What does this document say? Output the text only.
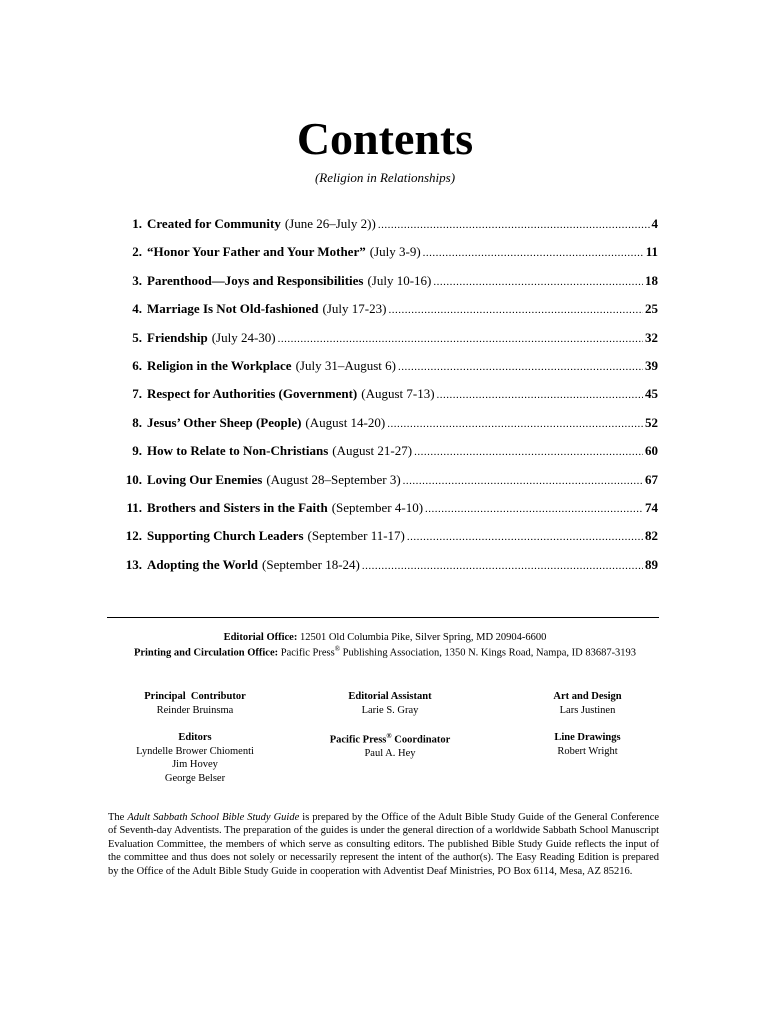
Contents
(Religion in Relationships)
1. Created for Community (June 26–July 2)) .....	4
2. “Honor Your Father and Your Mother” (July 3-9) .....	11
3. Parenthood—Joys and Responsibilities (July 10-16) .....	18
4. Marriage Is Not Old-fashioned (July 17-23) .....	25
5. Friendship (July 24-30) .....	32
6. Religion in the Workplace (July 31–August 6) .....	39
7. Respect for Authorities (Government) (August 7-13) .....	45
8. Jesus’ Other Sheep (People) (August 14-20) .....	52
9. How to Relate to Non-Christians (August 21-27) .....	60
10. Loving Our Enemies (August 28–September 3) .....	67
11. Brothers and Sisters in the Faith (September 4-10) .....	74
12. Supporting Church Leaders (September 11-17) .....	82
13. Adopting the World (September 18-24) .....	89
Editorial Office: 12501 Old Columbia Pike, Silver Spring, MD 20904-6600
Printing and Circulation Office: Pacific Press® Publishing Association, 1350 N. Kings Road, Nampa, ID 83687-3193
Principal  Contributor
Reinder Bruinsma
Editorial Assistant
Larie S. Gray
Art and Design
Lars Justinen
Editors
Lyndelle Brower Chiomenti
Jim Hovey
George Belser
Pacific Press® Coordinator
Paul A. Hey
Line Drawings
Robert Wright
The Adult Sabbath School Bible Study Guide is prepared by the Office of the Adult Bible Study Guide of the General Conference of Seventh-day Adventists. The preparation of the guides is under the general direction of a worldwide Sabbath School Manuscript Evaluation Committee, the members of which serve as consulting editors. The published Bible Study Guide reflects the input of the committee and thus does not solely or necessarily represent the intent of the author(s). The Easy Reading Edition is prepared by the Office of the Adult Bible Study Guide in cooperation with Adventist Deaf Ministries, PO Box 6114, Mesa, AZ 85216.
